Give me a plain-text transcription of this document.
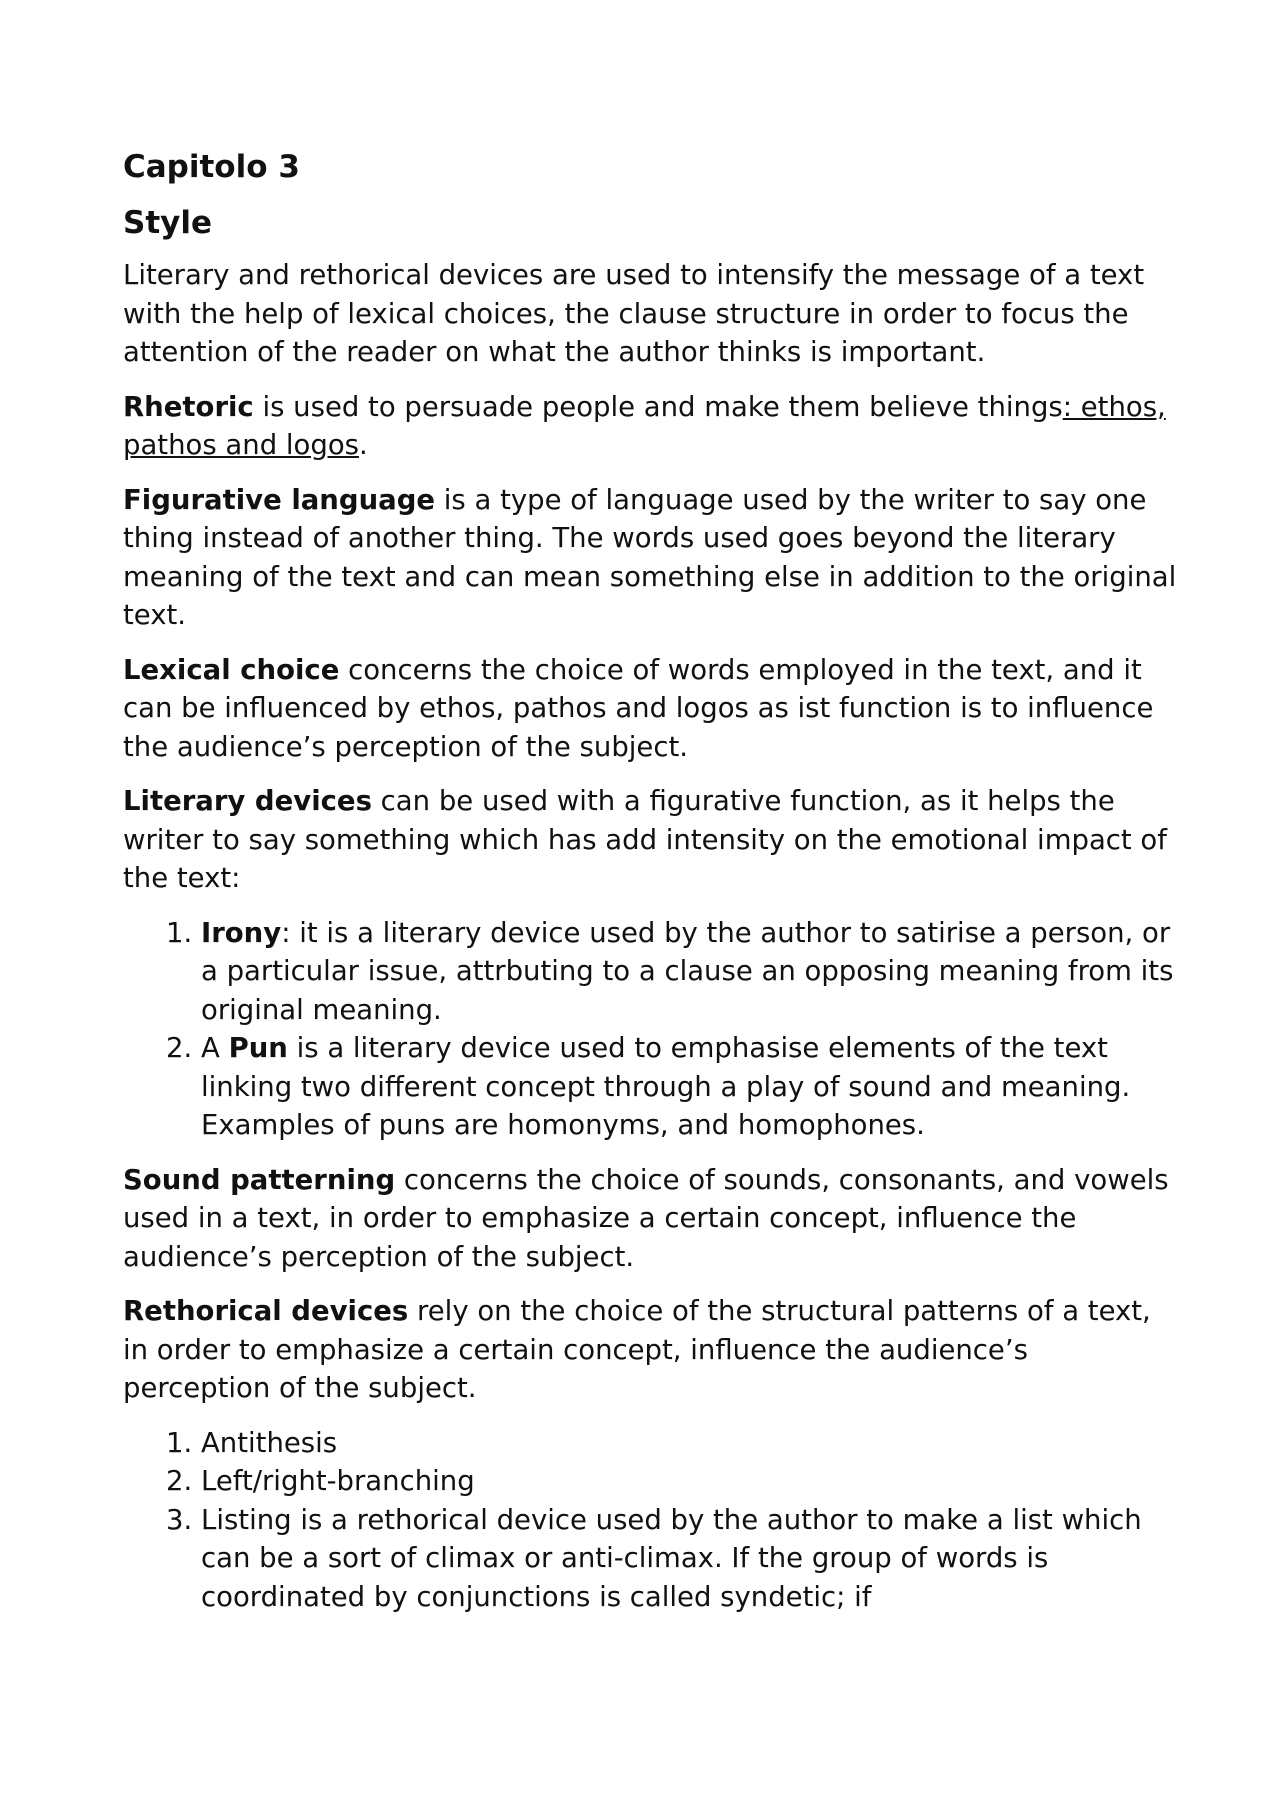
Capitolo 3
Style

Literary and rethorical devices are used to intensify the message of a text with the help of lexical choices, the clause structure in order to focus the attention of the reader on what the author thinks is important.

Rhetoric is used to persuade people and make them believe things: ethos, pathos and logos.

Figurative language is a type of language used by the writer to say one thing instead of another thing. The words used goes beyond the literary meaning of the text and can mean something else in addition to the original text.

Lexical choice concerns the choice of words employed in the text, and it can be influenced by ethos, pathos and logos as ist function is to influence the audience’s perception of the subject.

Literary devices can be used with a figurative function, as it helps the writer to say something which has add intensity on the emotional impact of the text:

1. Irony: it is a literary device used by the author to satirise a person, or a particular issue, attrbuting to a clause an opposing meaning from its original meaning.
2. A Pun is a literary device used to emphasise elements of the text linking two different concept through a play of sound and meaning. Examples of puns are homonyms, and homophones.

Sound patterning concerns the choice of sounds, consonants, and vowels used in a text, in order to emphasize a certain concept, influence the audience’s perception of the subject.

Rethorical devices rely on the choice of the structural patterns of a text, in order to emphasize a certain concept, influence the audience’s perception of the subject.

1. Antithesis
2. Left/right-branching
3. Listing is a rethorical device used by the author to make a list which can be a sort of climax or anti-climax. If the group of words is coordinated by conjunctions is called syndetic; if
